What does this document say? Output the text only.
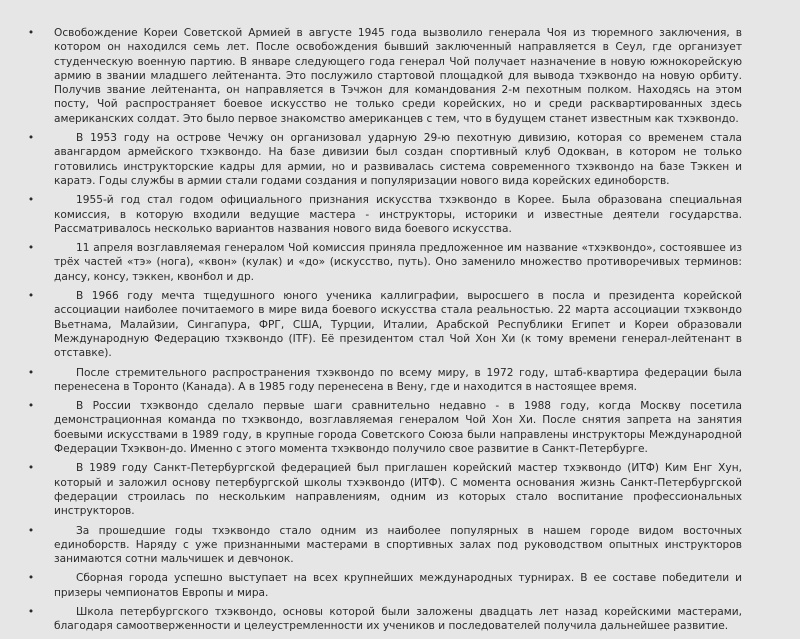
•	Освобождение Кореи Советской Армией в августе 1945 года вызволило генерала Чоя из тюремного заключения, в котором он находился семь лет. После освобождения бывший заключенный направляется в Сеул, где организует студенческую военную партию. В январе следующего года генерал Чой получает назначение в новую южнокорейскую армию в звании младшего лейтенанта. Это послужило стартовой площадкой для вывода тхэквондо на новую орбиту. Получив звание лейтенанта, он направляется в Тэчжон для командования 2-м пехотным полком. Находясь на этом посту, Чой распространяет боевое искусство не только среди корейских, но и среди расквартированных здесь американских солдат. Это было первое знакомство американцев с тем, что в будущем станет известным как тхэквондо.
•	В 1953 году на острове Чечжу он организовал ударную 29-ю пехотную дивизию, которая со временем стала авангардом армейского тхэквондо. На базе дивизии был создан спортивный клуб Одокван, в котором не только готовились инструкторские кадры для армии, но и развивалась система современного тхэквондо на базе Тэккен и каратэ. Годы службы в армии стали годами создания и популяризации нового вида корейских единоборств.
•	1955-й год стал годом официального признания искусства тхэквондо в Корее. Была образована специальная комиссия, в которую входили ведущие мастера - инструкторы, историки и известные деятели государства. Рассматривалось несколько вариантов названия нового вида боевого искусства.
•	11 апреля возглавляемая генералом Чой комиссия приняла предложенное им название «тхэквондо», состоявшее из трёх частей «тэ» (нога), «квон» (кулак) и «до» (искусство, путь). Оно заменило множество противоречивых терминов: дансу, консу, тэккен, квонбол и др.
•	В 1966 году мечта тщедушного юного ученика каллиграфии, выросшего в посла и президента корейской ассоциации наиболее почитаемого в мире вида боевого искусства стала реальностью. 22 марта ассоциации тхэквондо Вьетнама, Малайзии, Сингапура, ФРГ, США, Турции, Италии, Арабской Республики Египет и Кореи образовали Международную Федерацию тхэквондо (ITF). Её президентом стал Чой Хон Хи (к тому времени генерал-лейтенант в отставке).
•	После стремительного распространения тхэквондо по всему миру, в 1972 году, штаб-квартира федерации была перенесена в Торонто (Канада). А в 1985 году перенесена в Вену, где и находится в настоящее время.
•	В России тхэквондо сделало первые шаги сравнительно недавно - в 1988 году, когда Москву посетила демонстрационная команда по тхэквондо, возглавляемая генералом Чой Хон Хи. После снятия запрета на занятия боевыми искусствами в 1989 году, в крупные города Советского Союза были направлены инструкторы Международной Федерации Тхэквон-до. Именно с этого момента тхэквондо получило свое развитие в Санкт-Петербурге.
•	В 1989 году Санкт-Петербургской федерацией был приглашен корейский мастер тхэквондо (ИТФ) Ким Енг Хун, который и заложил основу петербургской школы тхэквондо (ИТФ). С момента основания жизнь Санкт-Петербургской федерации строилась по нескольким направлениям, одним из которых стало воспитание профессиональных инструкторов.
•	За прошедшие годы тхэквондо стало одним из наиболее популярных в нашем городе видом восточных единоборств. Наряду с уже признанными мастерами в спортивных залах под руководством опытных инструкторов занимаются сотни мальчишек и девчонок.
•	Сборная города успешно выступает на всех крупнейших международных турнирах. В ее составе победители и призеры чемпионатов Европы и мира.
•	Школа петербургского тхэквондо, основы которой были заложены двадцать лет назад корейскими мастерами, благодаря самоотверженности и целеустремленности их учеников и последователей получила дальнейшее развитие.
